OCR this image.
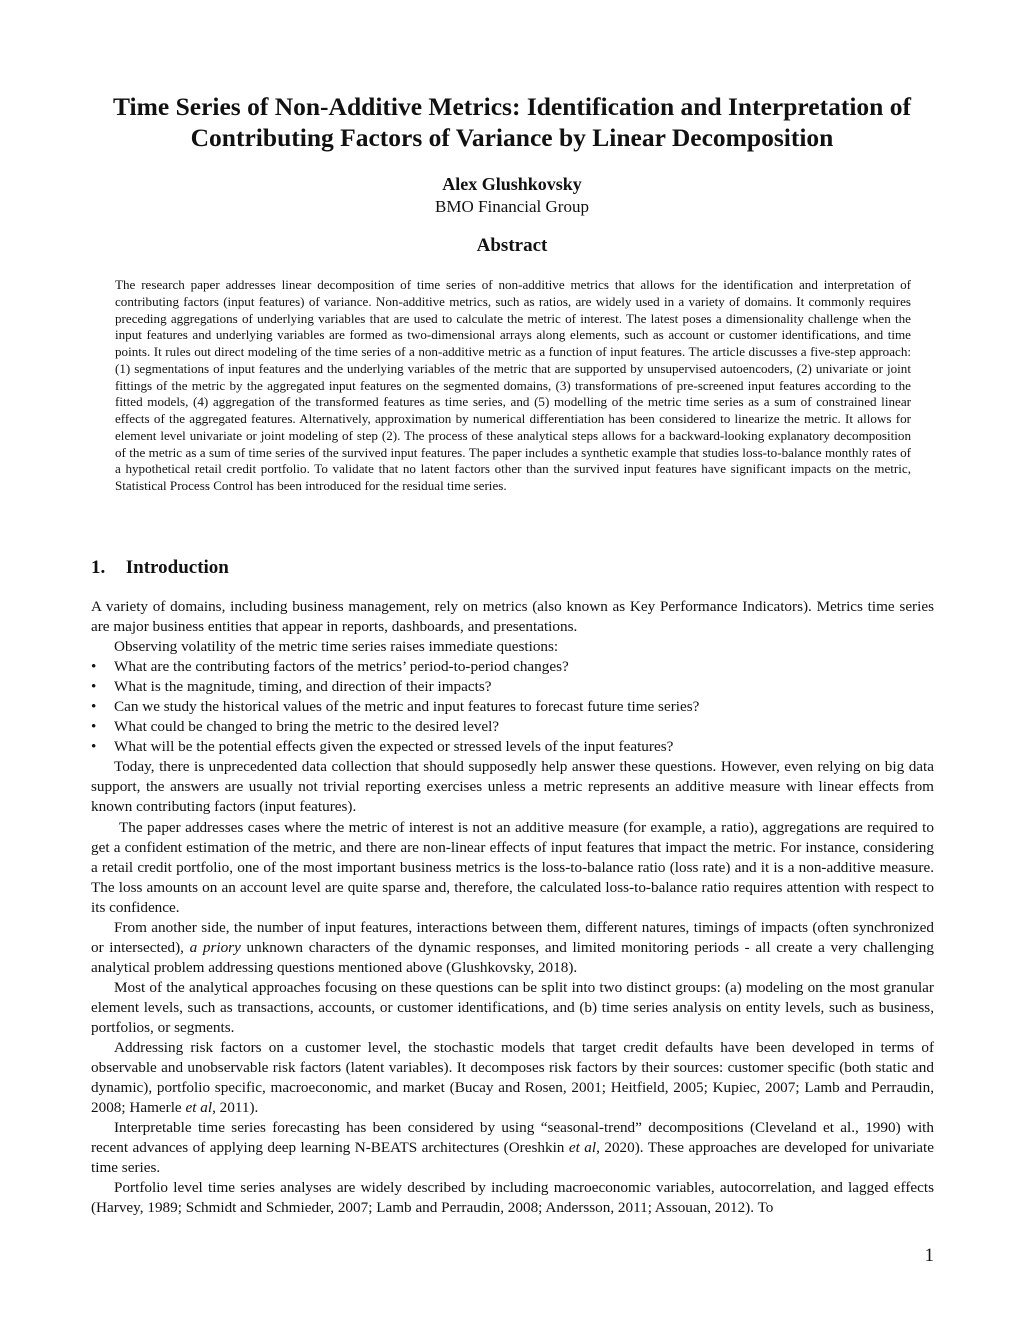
Time Series of Non-Additive Metrics: Identification and Interpretation of
Contributing Factors of Variance by Linear Decomposition
Alex Glushkovsky
BMO Financial Group
Abstract

The research paper addresses linear decomposition of time series of non-additive metrics that allows for the identification and interpretation of contributing factors (input features) of variance. Non-additive metrics, such as ratios, are widely used in a variety of domains. It commonly requires preceding aggregations of underlying variables that are used to calculate the metric of interest. The latest poses a dimensionality challenge when the input features and underlying variables are formed as two-dimensional arrays along elements, such as account or customer identifications, and time points. It rules out direct modeling of the time series of a non-additive metric as a function of input features. The article discusses a five-step approach: (1) segmentations of input features and the underlying variables of the metric that are supported by unsupervised autoencoders, (2) univariate or joint fittings of the metric by the aggregated input features on the segmented domains, (3) transformations of pre-screened input features according to the fitted models, (4) aggregation of the transformed features as time series, and (5) modelling of the metric time series as a sum of constrained linear effects of the aggregated features. Alternatively, approximation by numerical differentiation has been considered to linearize the metric. It allows for element level univariate or joint modeling of step (2). The process of these analytical steps allows for a backward-looking explanatory decomposition of the metric as a sum of time series of the survived input features. The paper includes a synthetic example that studies loss-to-balance monthly rates of a hypothetical retail credit portfolio. To validate that no latent factors other than the survived input features have significant impacts on the metric, Statistical Process Control has been introduced for the residual time series.

1. Introduction

A variety of domains, including business management, rely on metrics (also known as Key Performance Indicators). Metrics time series are major business entities that appear in reports, dashboards, and presentations.

Observing volatility of the metric time series raises immediate questions:

• What are the contributing factors of the metrics’ period-to-period changes?
• What is the magnitude, timing, and direction of their impacts?
• Can we study the historical values of the metric and input features to forecast future time series?
• What could be changed to bring the metric to the desired level?
• What will be the potential effects given the expected or stressed levels of the input features?

Today, there is unprecedented data collection that should supposedly help answer these questions. However, even relying on big data support, the answers are usually not trivial reporting exercises unless a metric represents an additive measure with linear effects from known contributing factors (input features).

The paper addresses cases where the metric of interest is not an additive measure (for example, a ratio), aggregations are required to get a confident estimation of the metric, and there are non-linear effects of input features that impact the metric. For instance, considering a retail credit portfolio, one of the most important business metrics is the loss-to-balance ratio (loss rate) and it is a non-additive measure. The loss amounts on an account level are quite sparse and, therefore, the calculated loss-to-balance ratio requires attention with respect to its confidence.

From another side, the number of input features, interactions between them, different natures, timings of impacts (often synchronized or intersected), a priory unknown characters of the dynamic responses, and limited monitoring periods - all create a very challenging analytical problem addressing questions mentioned above (Glushkovsky, 2018).

Most of the analytical approaches focusing on these questions can be split into two distinct groups: (a) modeling on the most granular element levels, such as transactions, accounts, or customer identifications, and (b) time series analysis on entity levels, such as business, portfolios, or segments.

Addressing risk factors on a customer level, the stochastic models that target credit defaults have been developed in terms of observable and unobservable risk factors (latent variables). It decomposes risk factors by their sources: customer specific (both static and dynamic), portfolio specific, macroeconomic, and market (Bucay and Rosen, 2001; Heitfield, 2005; Kupiec, 2007; Lamb and Perraudin, 2008; Hamerle et al, 2011).

Interpretable time series forecasting has been considered by using “seasonal-trend” decompositions (Cleveland et al., 1990) with recent advances of applying deep learning N-BEATS architectures (Oreshkin et al, 2020). These approaches are developed for univariate time series.

Portfolio level time series analyses are widely described by including macroeconomic variables, autocorrelation, and lagged effects (Harvey, 1989; Schmidt and Schmieder, 2007; Lamb and Perraudin, 2008; Andersson, 2011; Assouan, 2012). To

1
